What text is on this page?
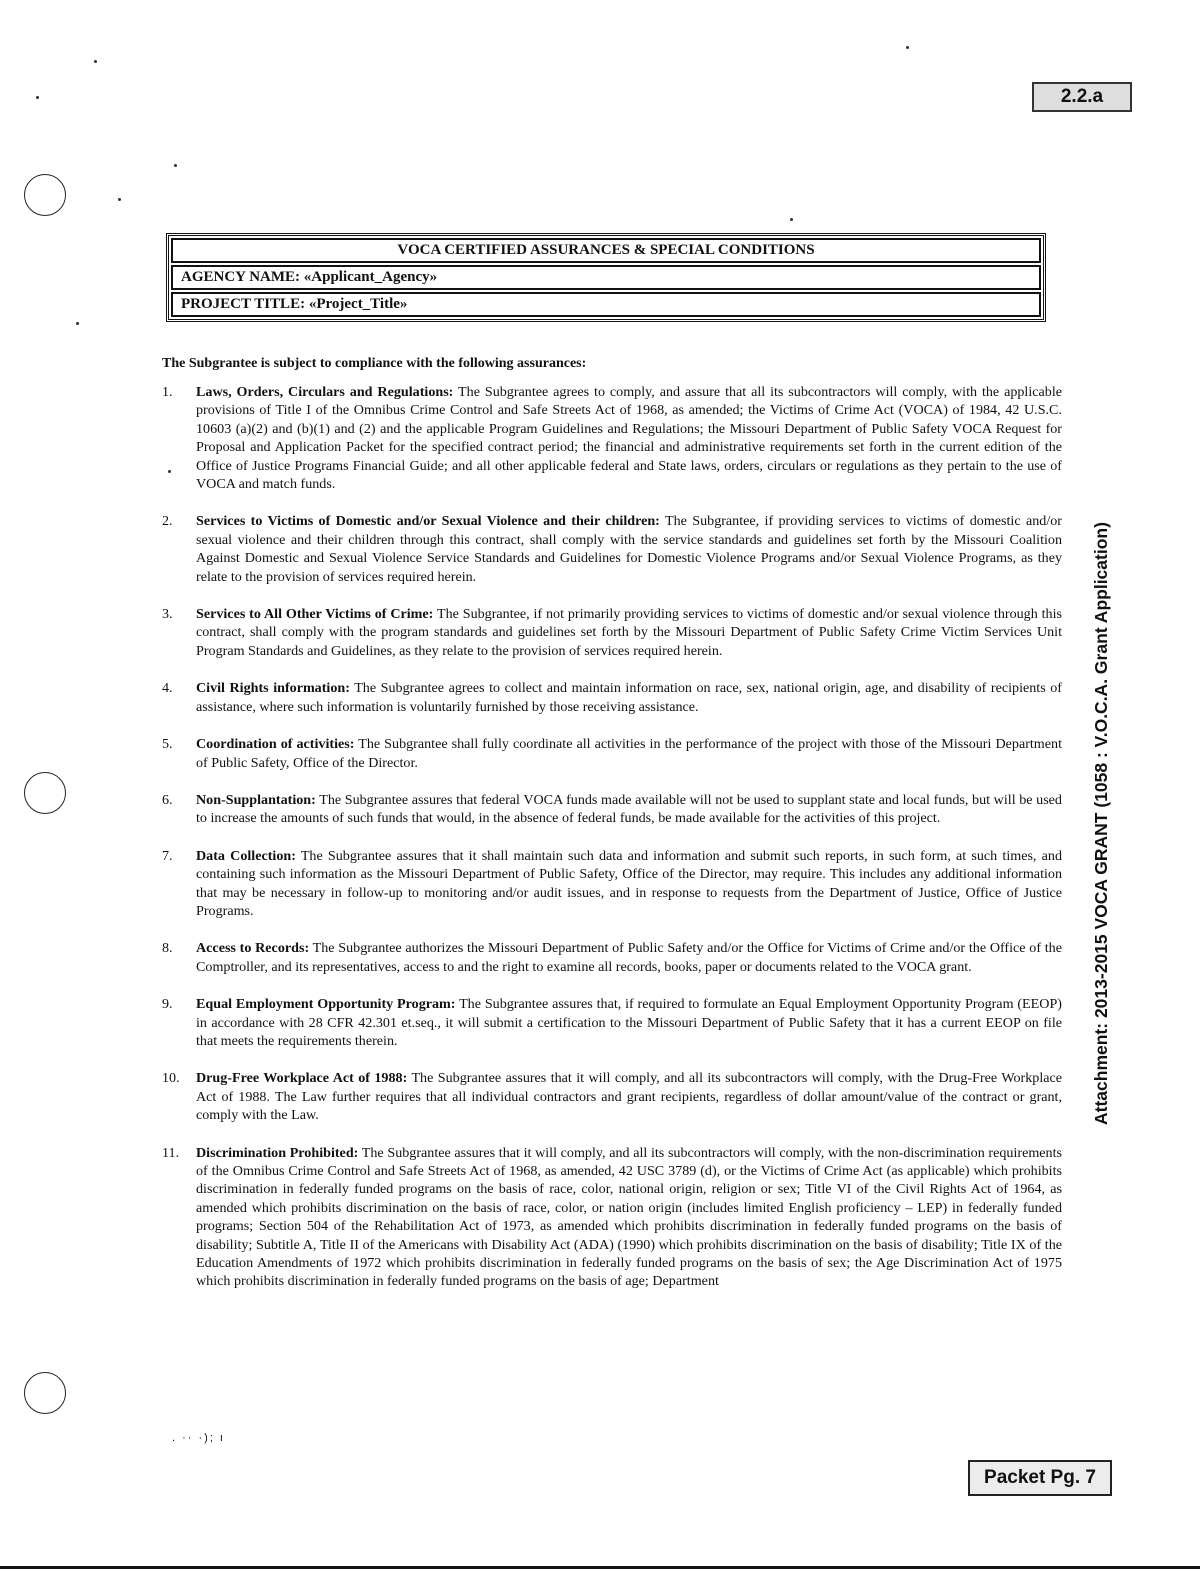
2.2.a
VOCA CERTIFIED ASSURANCES & SPECIAL CONDITIONS
AGENCY NAME:
«Applicant_Agency»
PROJECT TITLE:
«Project_Title»
The Subgrantee is subject to compliance with the following assurances:
1.	Laws, Orders, Circulars and Regulations: The Subgrantee agrees to comply, and assure that all its subcontractors will comply, with the applicable provisions of Title I of the Omnibus Crime Control and Safe Streets Act of 1968, as amended; the Victims of Crime Act (VOCA) of 1984, 42 U.S.C. 10603 (a)(2) and (b)(1) and (2) and the applicable Program Guidelines and Regulations; the Missouri Department of Public Safety VOCA Request for Proposal and Application Packet for the specified contract period; the financial and administrative requirements set forth in the current edition of the Office of Justice Programs Financial Guide; and all other applicable federal and State laws, orders, circulars or regulations as they pertain to the use of VOCA and match funds.
2.	Services to Victims of Domestic and/or Sexual Violence and their children: The Subgrantee, if providing services to victims of domestic and/or sexual violence and their children through this contract, shall comply with the service standards and guidelines set forth by the Missouri Coalition Against Domestic and Sexual Violence Service Standards and Guidelines for Domestic Violence Programs and/or Sexual Violence Programs, as they relate to the provision of services required herein.
3.	Services to All Other Victims of Crime: The Subgrantee, if not primarily providing services to victims of domestic and/or sexual violence through this contract, shall comply with the program standards and guidelines set forth by the Missouri Department of Public Safety Crime Victim Services Unit Program Standards and Guidelines, as they relate to the provision of services required herein.
4.	Civil Rights information: The Subgrantee agrees to collect and maintain information on race, sex, national origin, age, and disability of recipients of assistance, where such information is voluntarily furnished by those receiving assistance.
5.	Coordination of activities: The Subgrantee shall fully coordinate all activities in the performance of the project with those of the Missouri Department of Public Safety, Office of the Director.
6.	Non-Supplantation: The Subgrantee assures that federal VOCA funds made available will not be used to supplant state and local funds, but will be used to increase the amounts of such funds that would, in the absence of federal funds, be made available for the activities of this project.
7.	Data Collection: The Subgrantee assures that it shall maintain such data and information and submit such reports, in such form, at such times, and containing such information as the Missouri Department of Public Safety, Office of the Director, may require. This includes any additional information that may be necessary in follow-up to monitoring and/or audit issues, and in response to requests from the Department of Justice, Office of Justice Programs.
8.	Access to Records: The Subgrantee authorizes the Missouri Department of Public Safety and/or the Office for Victims of Crime and/or the Office of the Comptroller, and its representatives, access to and the right to examine all records, books, paper or documents related to the VOCA grant.
9.	Equal Employment Opportunity Program: The Subgrantee assures that, if required to formulate an Equal Employment Opportunity Program (EEOP) in accordance with 28 CFR 42.301 et.seq., it will submit a certification to the Missouri Department of Public Safety that it has a current EEOP on file that meets the requirements therein.
10.	Drug-Free Workplace Act of 1988: The Subgrantee assures that it will comply, and all its subcontractors will comply, with the Drug-Free Workplace Act of 1988. The Law further requires that all individual contractors and grant recipients, regardless of dollar amount/value of the contract or grant, comply with the Law.
11.	Discrimination Prohibited: The Subgrantee assures that it will comply, and all its subcontractors will comply, with the non-discrimination requirements of the Omnibus Crime Control and Safe Streets Act of 1968, as amended, 42 USC 3789 (d), or the Victims of Crime Act (as applicable) which prohibits discrimination in federally funded programs on the basis of race, color, national origin, religion or sex; Title VI of the Civil Rights Act of 1964, as amended which prohibits discrimination on the basis of race, color, or nation origin (includes limited English proficiency – LEP) in federally funded programs; Section 504 of the Rehabilitation Act of 1973, as amended which prohibits discrimination in federally funded programs on the basis of disability; Subtitle A, Title II of the Americans with Disability Act (ADA) (1990) which prohibits discrimination on the basis of disability; Title IX of the Education Amendments of 1972 which prohibits discrimination in federally funded programs on the basis of sex; the Age Discrimination Act of 1975 which prohibits discrimination in federally funded programs on the basis of age; Department
Attachment: 2013-2015 VOCA GRANT (1058 : V.O.C.A. Grant Application)
. ·· ·); ı
Packet Pg. 7
